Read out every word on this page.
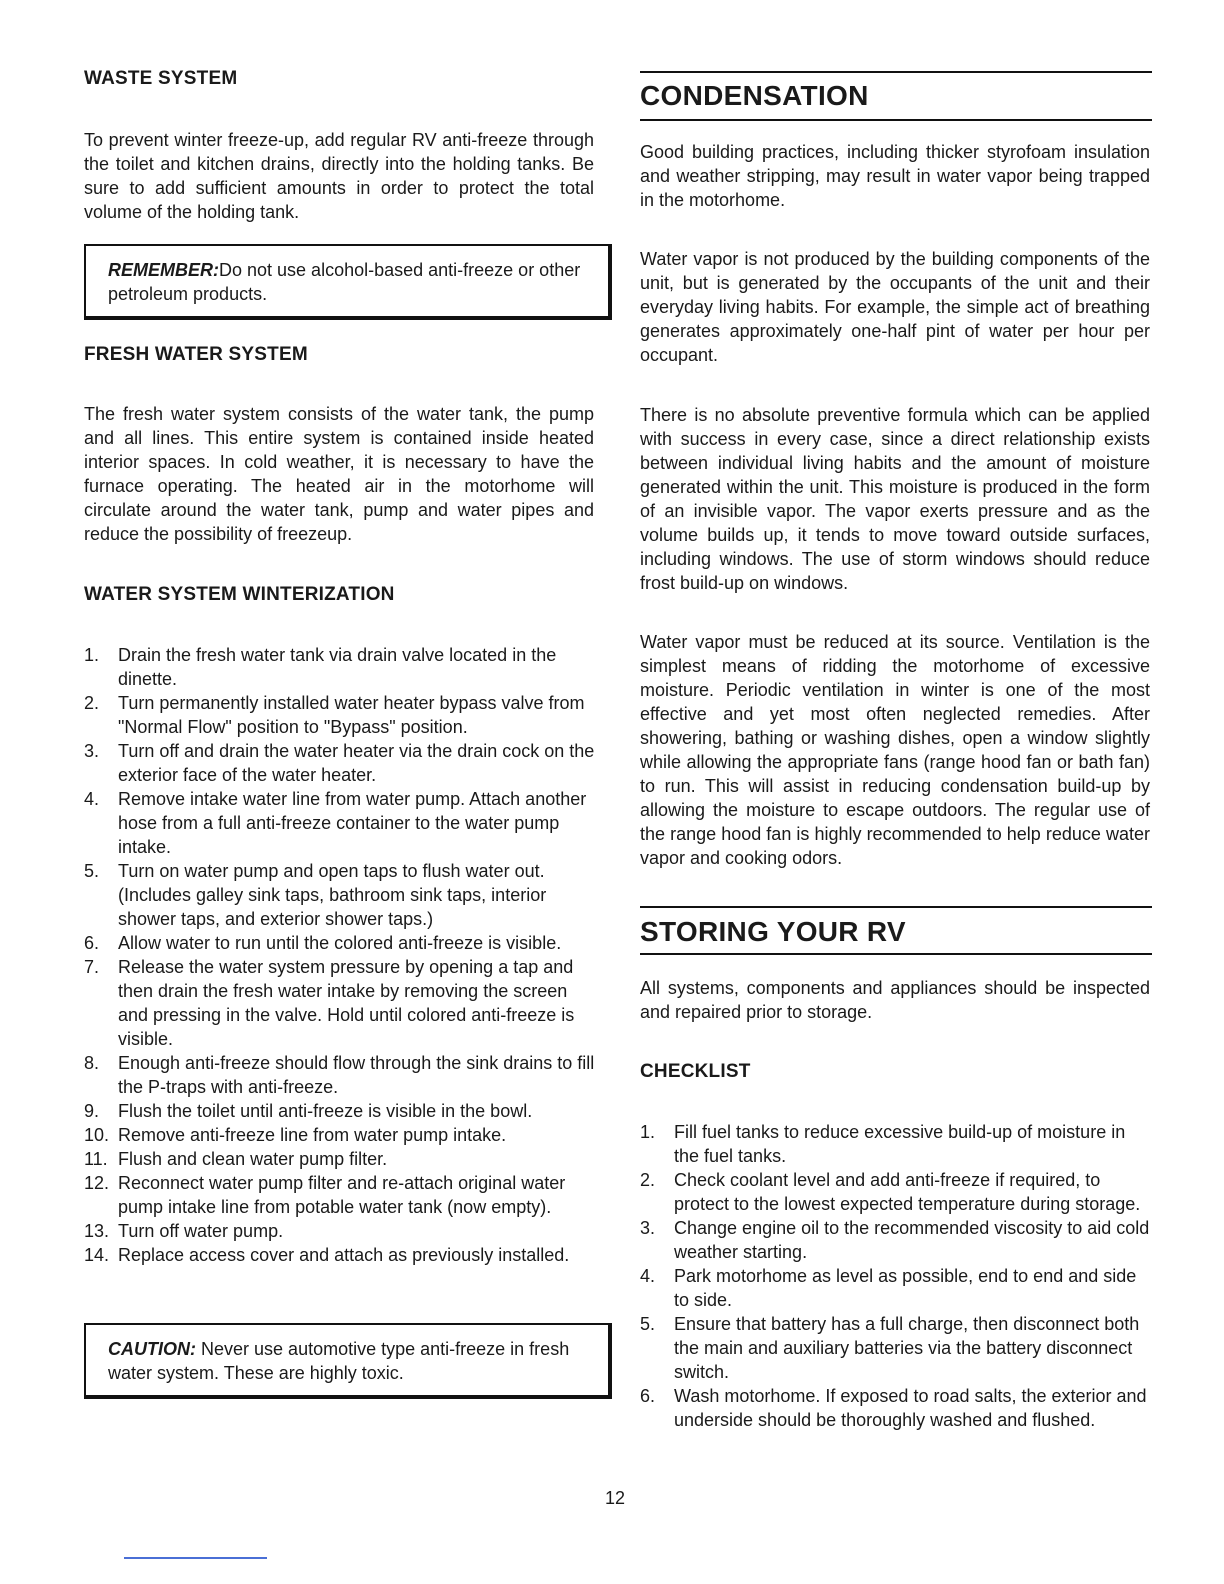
WASTE SYSTEM

To prevent winter freeze-up, add regular RV anti-freeze through the toilet and kitchen drains, directly into the holding tanks. Be sure to add sufficient amounts in order to protect the total volume of the holding tank.

REMEMBER:Do not use alcohol-based anti-freeze or other petroleum products.
FRESH WATER SYSTEM

The fresh water system consists of the water tank, the pump and all lines. This entire system is contained inside heated interior spaces. In cold weather, it is necessary to have the furnace operating. The heated air in the motorhome will circulate around the water tank, pump and water pipes and reduce the possibility of freezeup.

WATER SYSTEM WINTERIZATION
1. Drain the fresh water tank via drain valve located in the dinette.
2. Turn permanently installed water heater bypass valve from "Normal Flow" position to "Bypass" position.
3. Turn off and drain the water heater via the drain cock on the exterior face of the water heater.
4. Remove intake water line from water pump. Attach another hose from a full anti-freeze container to the water pump intake.
5. Turn on water pump and open taps to flush water out. (Includes galley sink taps, bathroom sink taps, interior shower taps, and exterior shower taps.)
6. Allow water to run until the colored anti-freeze is visible.
7. Release the water system pressure by opening a tap and then drain the fresh water intake by removing the screen and pressing in the valve. Hold until colored anti-freeze is visible.
8. Enough anti-freeze should flow through the sink drains to fill the P-traps with anti-freeze.
9. Flush the toilet until anti-freeze is visible in the bowl.
10. Remove anti-freeze line from water pump intake.
11. Flush and clean water pump filter.
12. Reconnect water pump filter and re-attach original water pump intake line from potable water tank (now empty).
13. Turn off water pump.
14. Replace access cover and attach as previously installed.
CAUTION: Never use automotive type anti-freeze in fresh water system. These are highly toxic.
CONDENSATION

Good building practices, including thicker styrofoam insulation and weather stripping, may result in water vapor being trapped in the motorhome.

Water vapor is not produced by the building components of the unit, but is generated by the occupants of the unit and their everyday living habits. For example, the simple act of breathing generates approximately one-half pint of water per hour per occupant.

There is no absolute preventive formula which can be applied with success in every case, since a direct relationship exists between individual living habits and the amount of moisture generated within the unit. This moisture is produced in the form of an invisible vapor. The vapor exerts pressure and as the volume builds up, it tends to move toward outside surfaces, including windows. The use of storm windows should reduce frost build-up on windows.

Water vapor must be reduced at its source. Ventilation is the simplest means of ridding the motorhome of excessive moisture. Periodic ventilation in winter is one of the most effective and yet most often neglected remedies. After showering, bathing or washing dishes, open a window slightly while allowing the appropriate fans (range hood fan or bath fan) to run. This will assist in reducing condensation build-up by allowing the moisture to escape outdoors. The regular use of the range hood fan is highly recommended to help reduce water vapor and cooking odors.

STORING YOUR RV

All systems, components and appliances should be inspected and repaired prior to storage.

CHECKLIST
1. Fill fuel tanks to reduce excessive build-up of moisture in the fuel tanks.
2. Check coolant level and add anti-freeze if required, to protect to the lowest expected temperature during storage.
3. Change engine oil to the recommended viscosity to aid cold weather starting.
4. Park motorhome as level as possible, end to end and side to side.
5. Ensure that battery has a full charge, then disconnect both the main and auxiliary batteries via the battery disconnect switch.
6. Wash motorhome. If exposed to road salts, the exterior and underside should be thoroughly washed and flushed.
12
